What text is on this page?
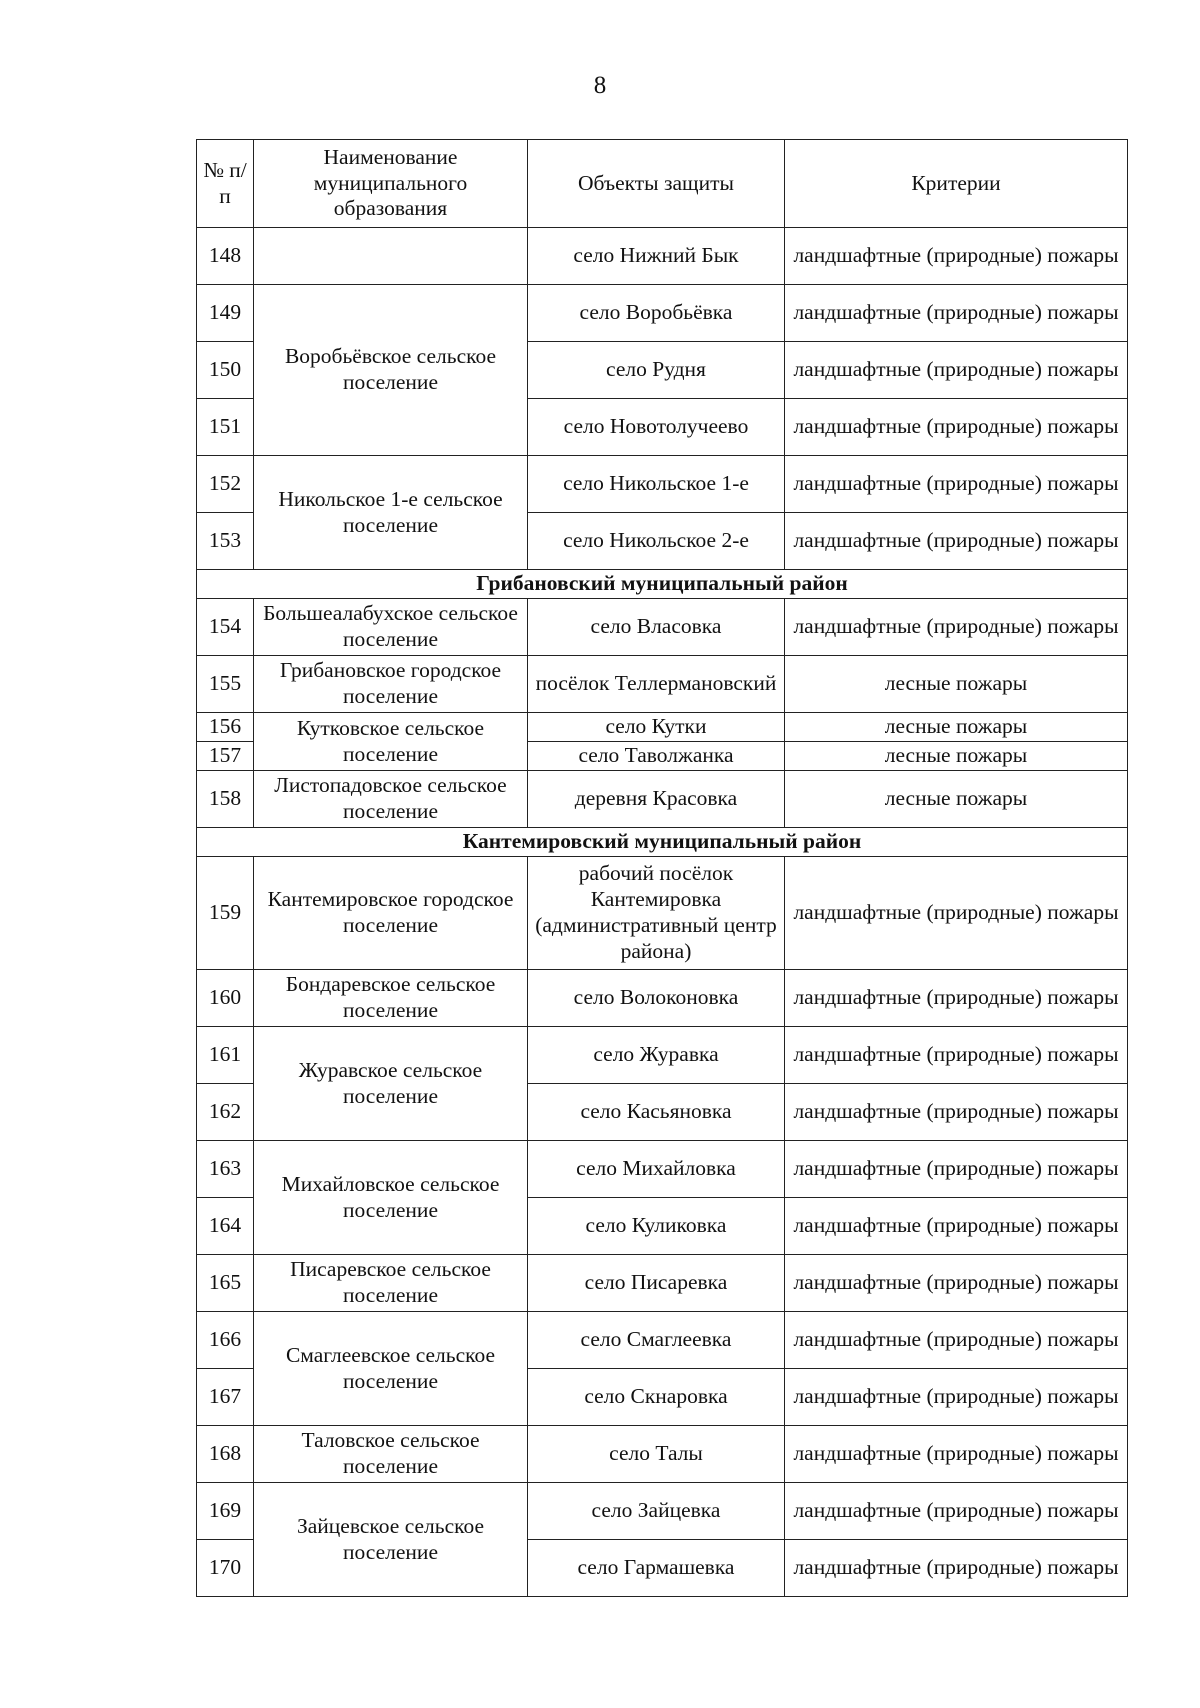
8
№ п/п	Наименование муниципального образования	Объекты защиты	Критерии
148		село Нижний Бык	ландшафтные (природные) пожары
149	Воробьёвское сельское поселение	село Воробьёвка	ландшафтные (природные) пожары
150		село Рудня	ландшафтные (природные) пожары
151		село Новотолучеево	ландшафтные (природные) пожары
152	Никольское 1-е сельское поселение	село Никольское 1-е	ландшафтные (природные) пожары
153		село Никольское 2-е	ландшафтные (природные) пожары
Грибановский муниципальный район			
154	Большеалабухское сельское поселение	село Власовка	ландшафтные (природные) пожары
155	Грибановское городское поселение	посёлок Теллермановский	лесные пожары
156	Кутковское сельское поселение	село Кутки	лесные пожары
157		село Таволжанка	лесные пожары
158	Листопадовское сельское поселение	деревня Красовка	лесные пожары
Кантемировский муниципальный район			
159	Кантемировское городское поселение	рабочий посёлок Кантемировка (административный центр района)	ландшафтные (природные) пожары
160	Бондаревское сельское поселение	село Волоконовка	ландшафтные (природные) пожары
161	Журавское сельское поселение	село Журавка	ландшафтные (природные) пожары
162		село Касьяновка	ландшафтные (природные) пожары
163	Михайловское сельское поселение	село Михайловка	ландшафтные (природные) пожары
164		село Куликовка	ландшафтные (природные) пожары
165	Писаревское сельское поселение	село Писаревка	ландшафтные (природные) пожары
166	Смаглеевское сельское поселение	село Смаглеевка	ландшафтные (природные) пожары
167		село Скнаровка	ландшафтные (природные) пожары
168	Таловское сельское поселение	село Талы	ландшафтные (природные) пожары
169	Зайцевское сельское поселение	село Зайцевка	ландшафтные (природные) пожары
170		село Гармашевка	ландшафтные (природные) пожары
